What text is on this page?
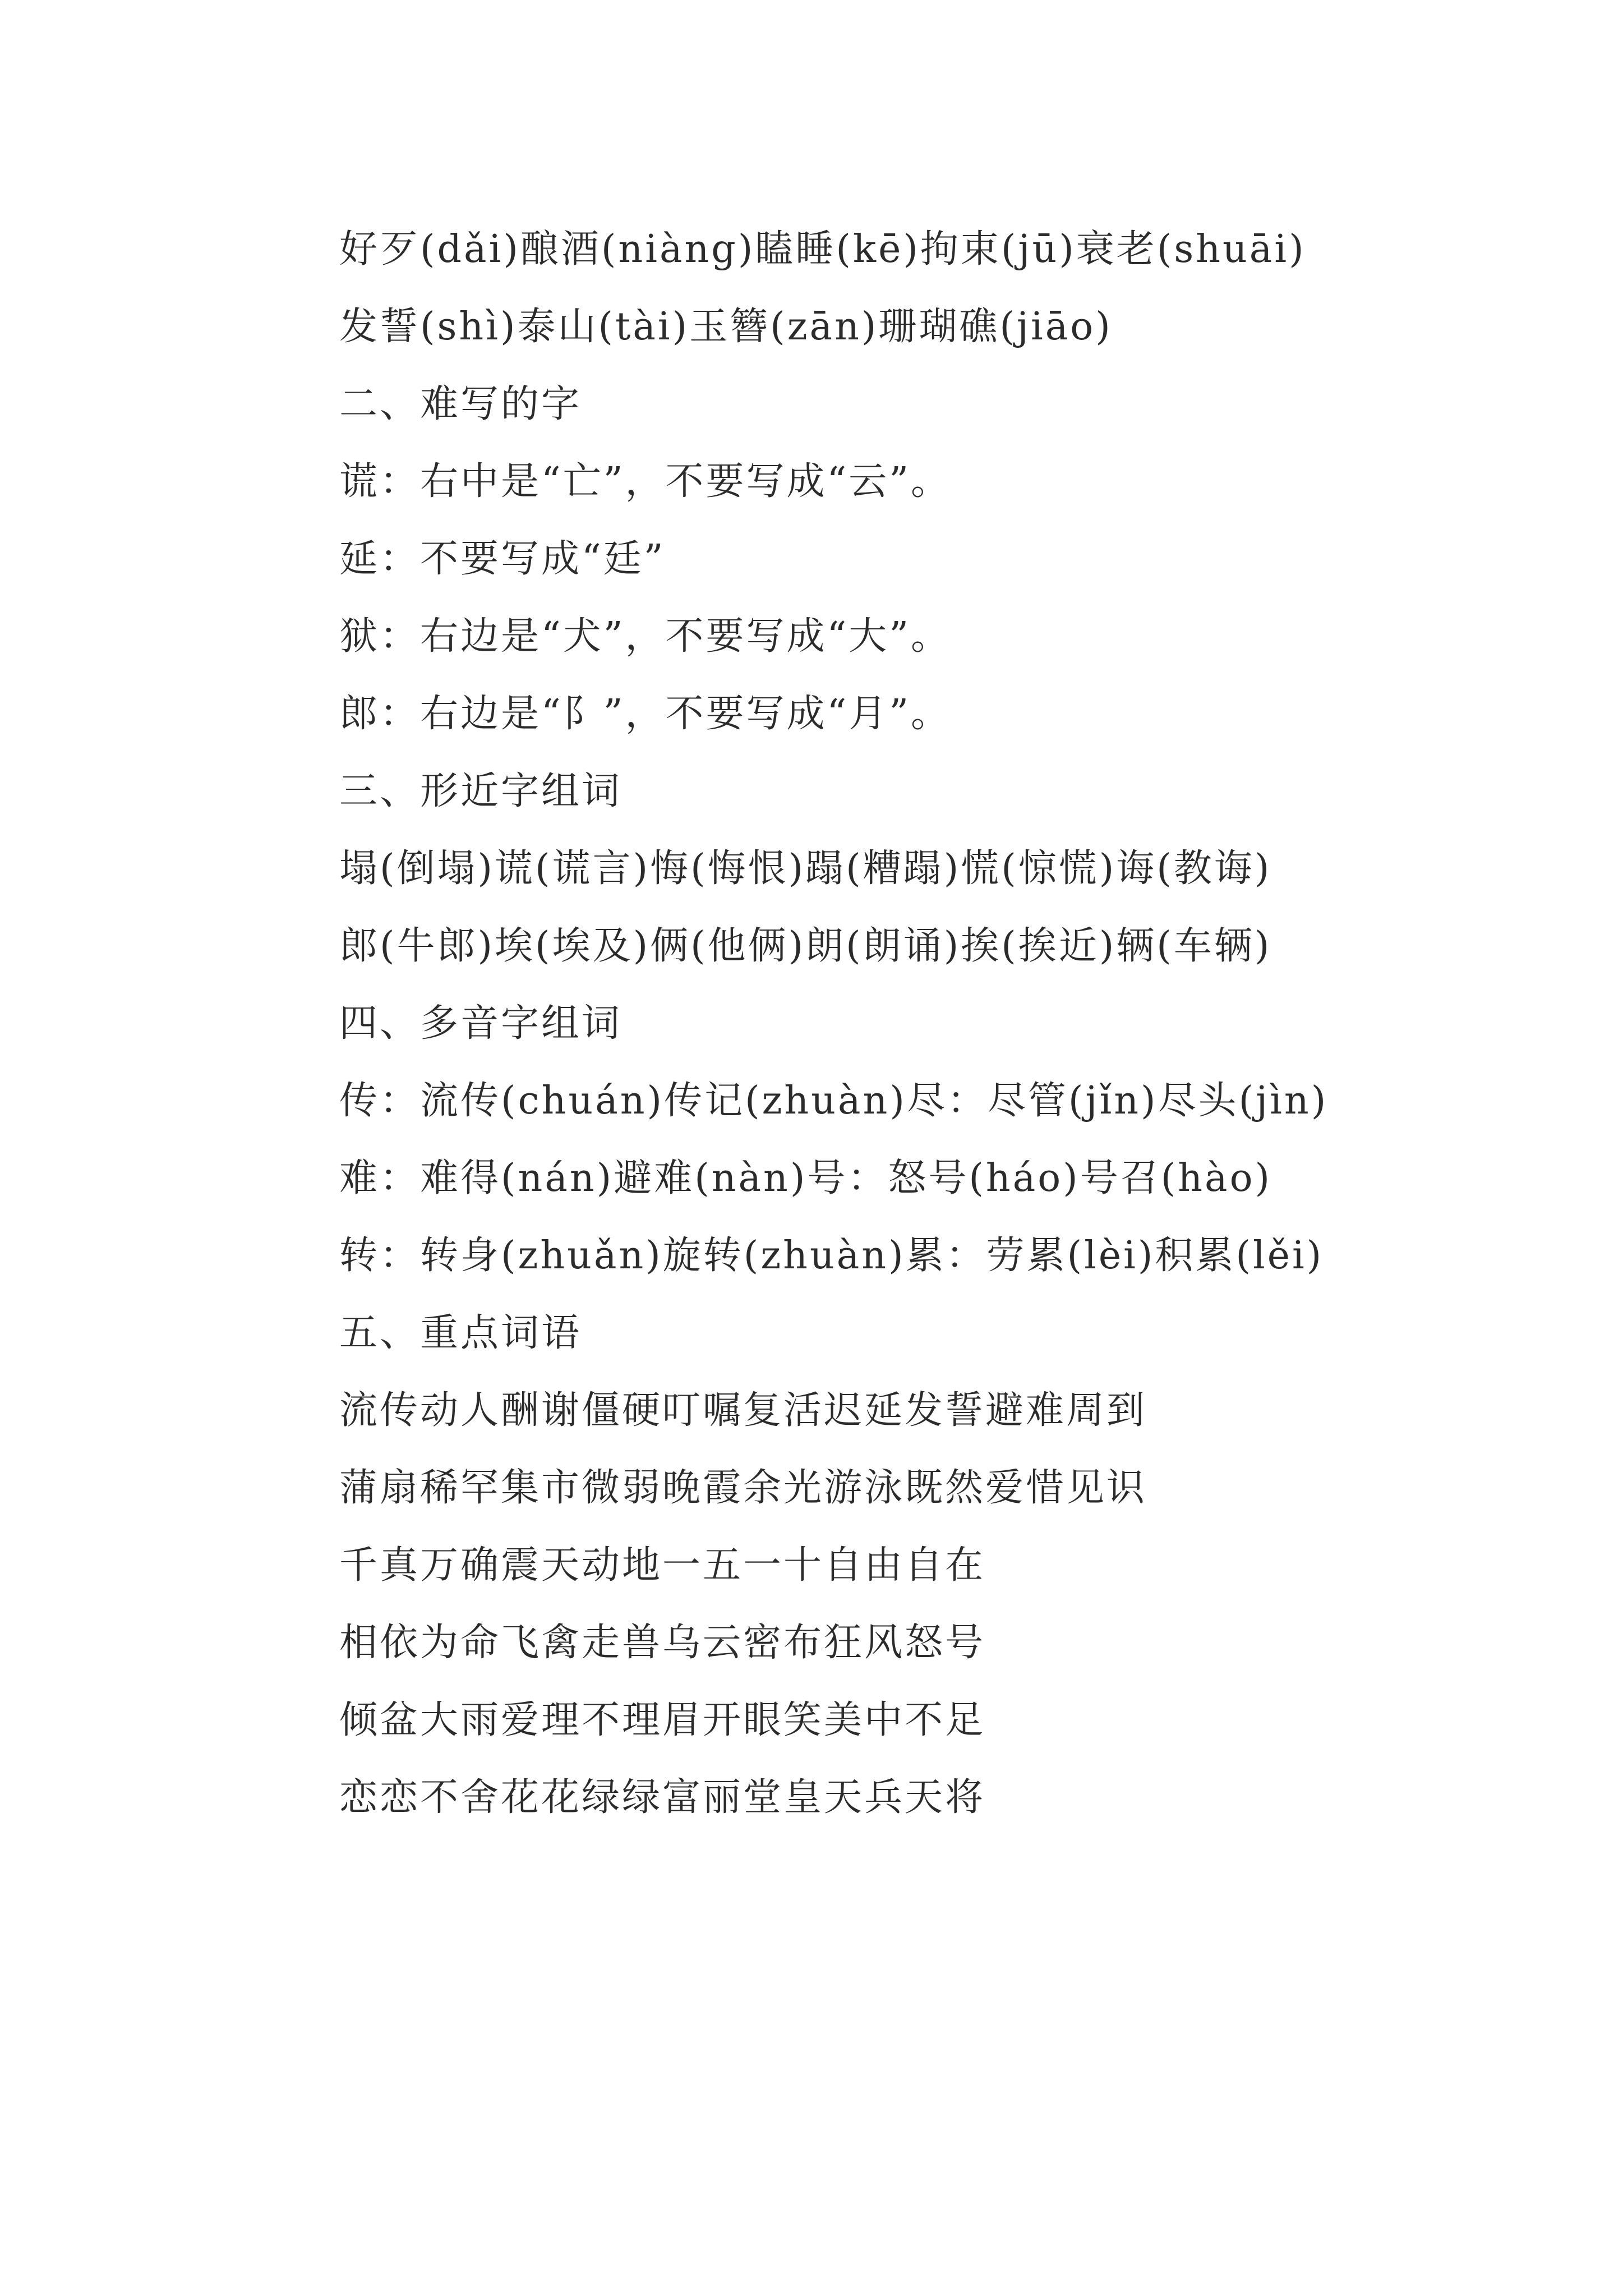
好歹(dǎi)酿酒(niàng)瞌睡(kē)拘束(jū)衰老(shuāi)
发誓(shì)泰山(tài)玉簪(zān)珊瑚礁(jiāo)
二、难写的字
谎：右中是“亡”，不要写成“云”。
延：不要写成“廷”
狱：右边是“犬”，不要写成“大”。
郎：右边是“阝”，不要写成“月”。
三、形近字组词
塌(倒塌)谎(谎言)悔(悔恨)蹋(糟蹋)慌(惊慌)诲(教诲)
郎(牛郎)埃(埃及)俩(他俩)朗(朗诵)挨(挨近)辆(车辆)
四、多音字组词
传：流传(chuán)传记(zhuàn)尽：尽管(jǐn)尽头(jìn)
难：难得(nán)避难(nàn)号：怒号(háo)号召(hào)
转：转身(zhuǎn)旋转(zhuàn)累：劳累(lèi)积累(lěi)
五、重点词语
流传动人酬谢僵硬叮嘱复活迟延发誓避难周到
蒲扇稀罕集市微弱晚霞余光游泳既然爱惜见识
千真万确震天动地一五一十自由自在
相依为命飞禽走兽乌云密布狂风怒号
倾盆大雨爱理不理眉开眼笑美中不足
恋恋不舍花花绿绿富丽堂皇天兵天将
